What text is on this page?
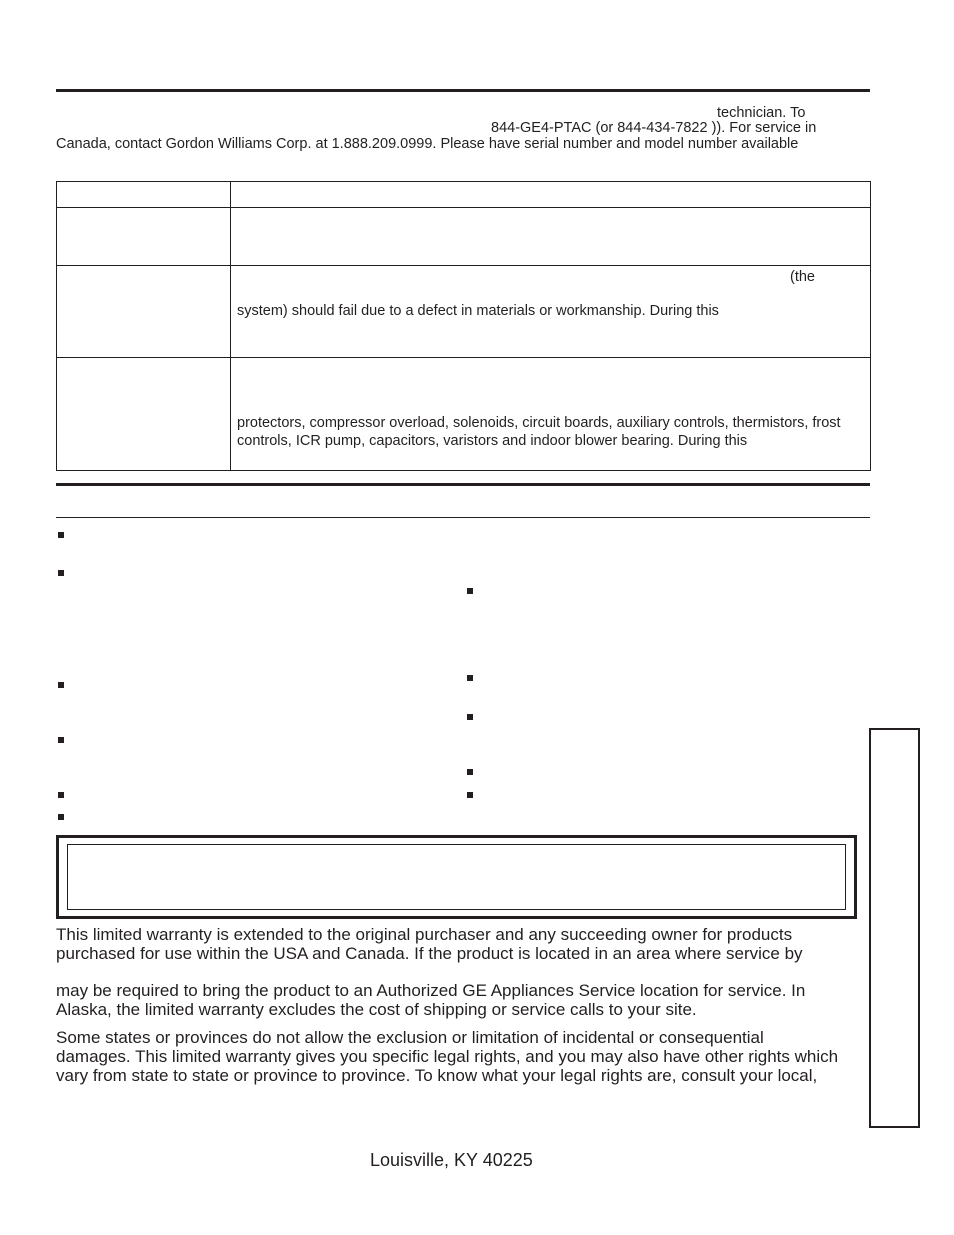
technician. To
844-GE4-PTAC (or 844-434-7822 )). For service in
Canada, contact Gordon Williams Corp. at 1.888.209.0999. Please have serial number and model number available

	(the
system) should fail due to a defect in materials or workmanship. During this

	protectors, compressor overload, solenoids, circuit boards, auxiliary controls, thermistors, frost
controls, ICR pump, capacitors, varistors and indoor blower bearing. During this
This limited warranty is extended to the original purchaser and any succeeding owner for products
purchased for use within the USA and Canada. If the product is located in an area where service by
may be required to bring the product to an Authorized GE Appliances Service location for service. In
Alaska, the limited warranty excludes the cost of shipping or service calls to your site.
Some states or provinces do not allow the exclusion or limitation of incidental or consequential
damages. This limited warranty gives you specific legal rights, and you may also have other rights which
vary from state to state or province to province. To know what your legal rights are, consult your local,
Louisville, KY 40225
